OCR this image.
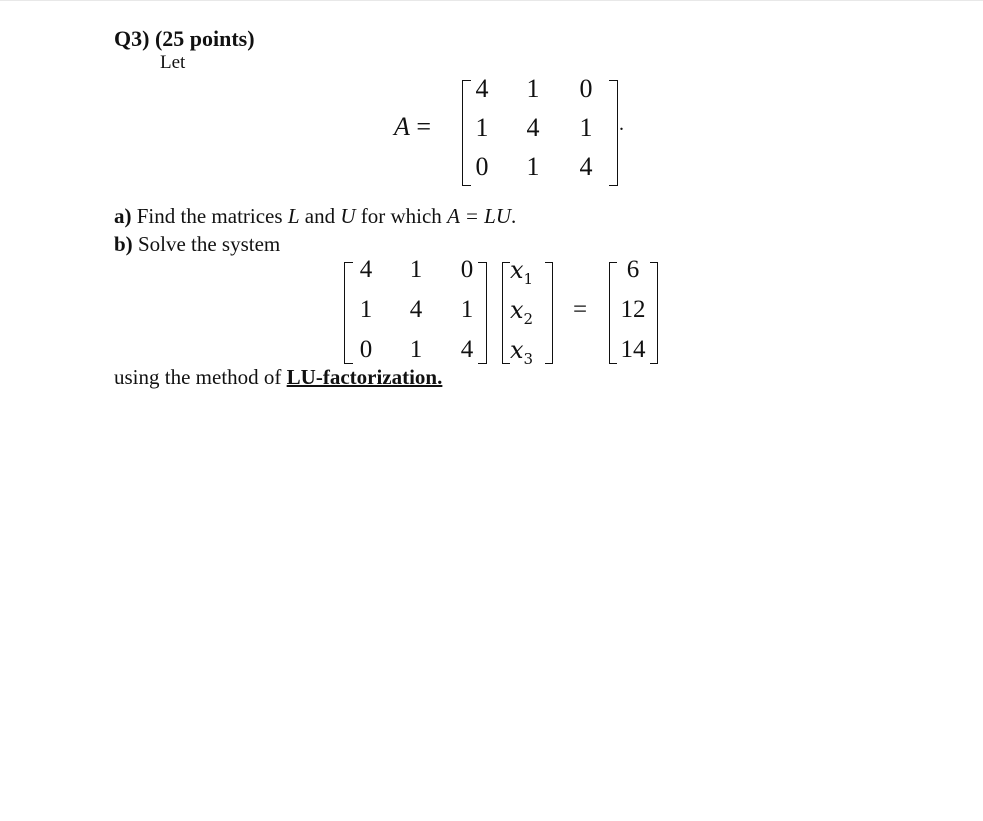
Q3) (25 points)
Let
A =
4	1	0
1	4	1
0	1	4
.
a) Find the matrices L and U for which A = LU.
b) Solve the system
4	1	0
1	4	1
0	1	4
$x_1$
$x_2$
$x_3$
=
6
12
14
using the method of LU-factorization.
